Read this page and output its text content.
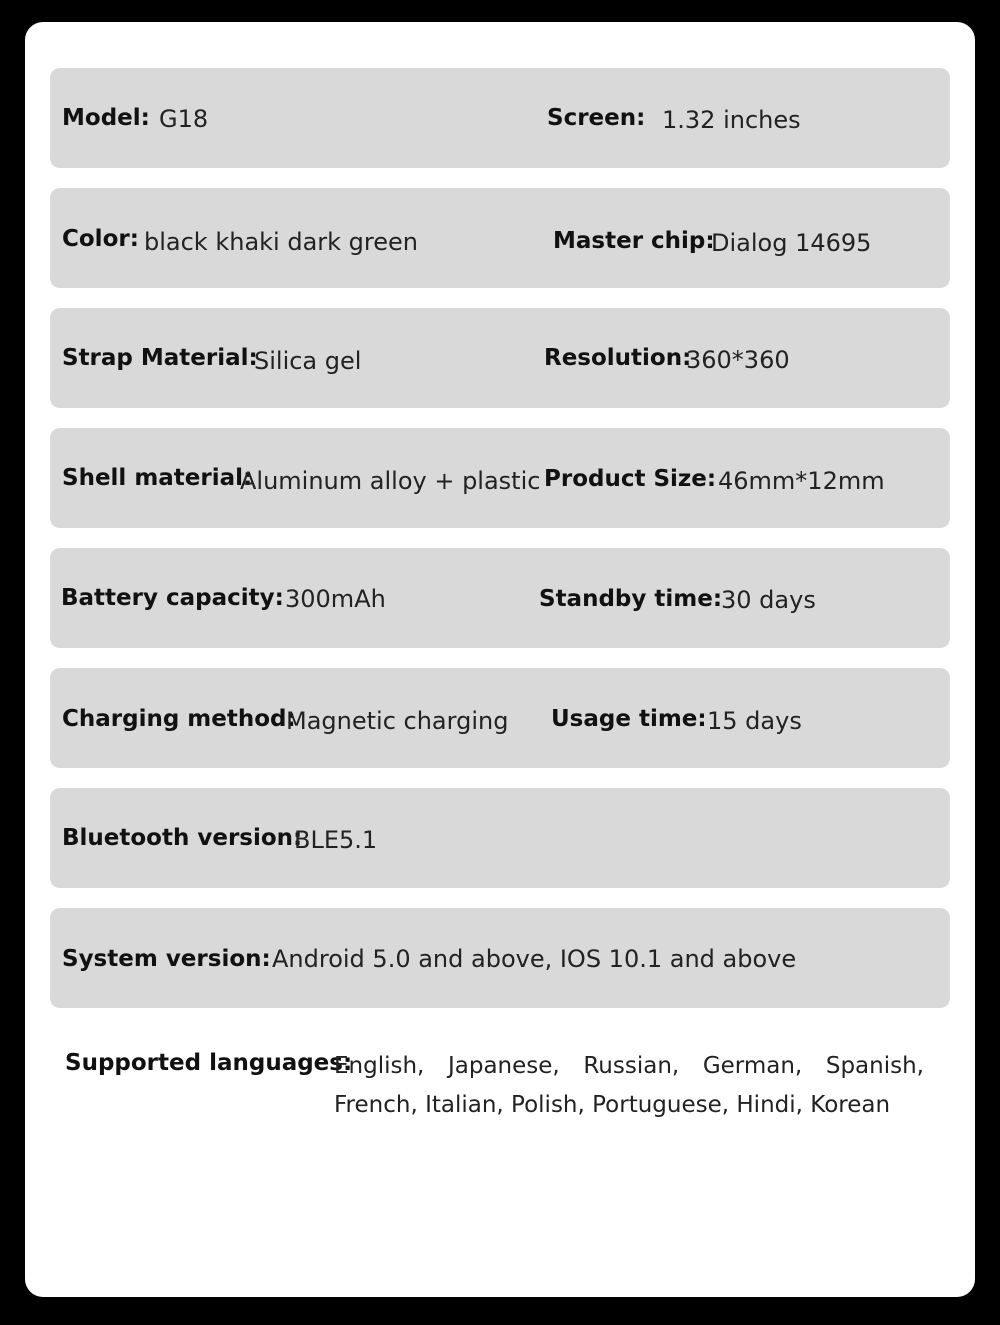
Model: G18	Screen: 1.32 inches
Color: black khaki dark green	Master chip:
Dialog 14695
Strap Material:
Silica gel	Resolution:
360*360
Shell material:
Aluminum alloy + plastic Product Size: 46mm*12mm
Battery capacity: 300mAh	Standby time:
30 days
Charging method:
Magnetic charging Usage time: 15 days
Bluetooth version:
BLE5.1
System version: Android 5.0 and above, IOS 10.1 and above
Supported languages:
English, Japanese, Russian, German, Spanish,
French, Italian, Polish, Portuguese, Hindi, Korean
